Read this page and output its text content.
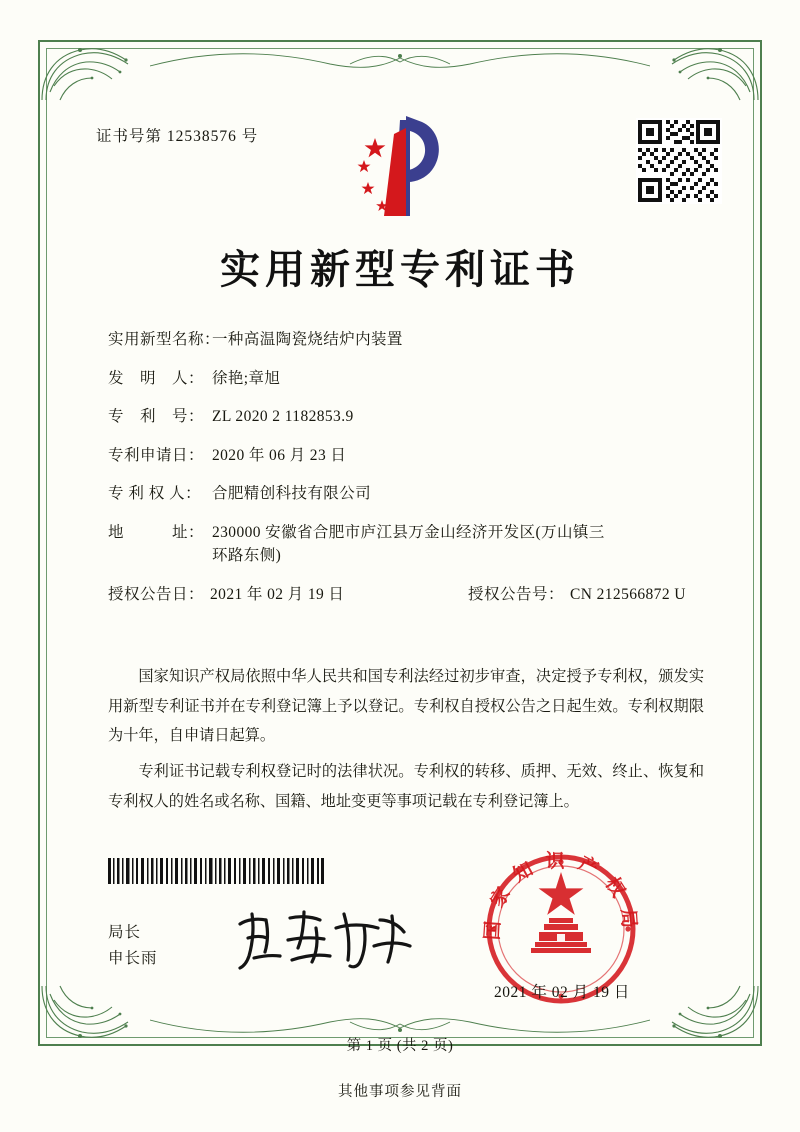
证书号第 12538576 号
实用新型专利证书
实用新型名称：
一种高温陶瓷烧结炉内装置
发　明　人： 徐艳;章旭
专　利　号： ZL 2020 2 1182853.9
专利申请日： 2020 年 06 月 23 日
专 利 权 人： 合肥精创科技有限公司
地　　　址： 230000 安徽省合肥市庐江县万金山经济开发区(万山镇三
环路东侧)
授权公告日： 2021 年 02 月 19 日	授权公告号： CN 212566872 U

国家知识产权局依照中华人民共和国专利法经过初步审查，决定授予专利权，颁发实用新型专利证书并在专利登记簿上予以登记。专利权自授权公告之日起生效。专利权期限为十年，自申请日起算。

专利证书记载专利权登记时的法律状况。专利权的转移、质押、无效、终止、恢复和专利权人的姓名或名称、国籍、地址变更等事项记载在专利登记簿上。

局长
申长雨
国家知识产权局
2021 年 02 月 19 日
第 1 页 (共 2 页)
其他事项参见背面
